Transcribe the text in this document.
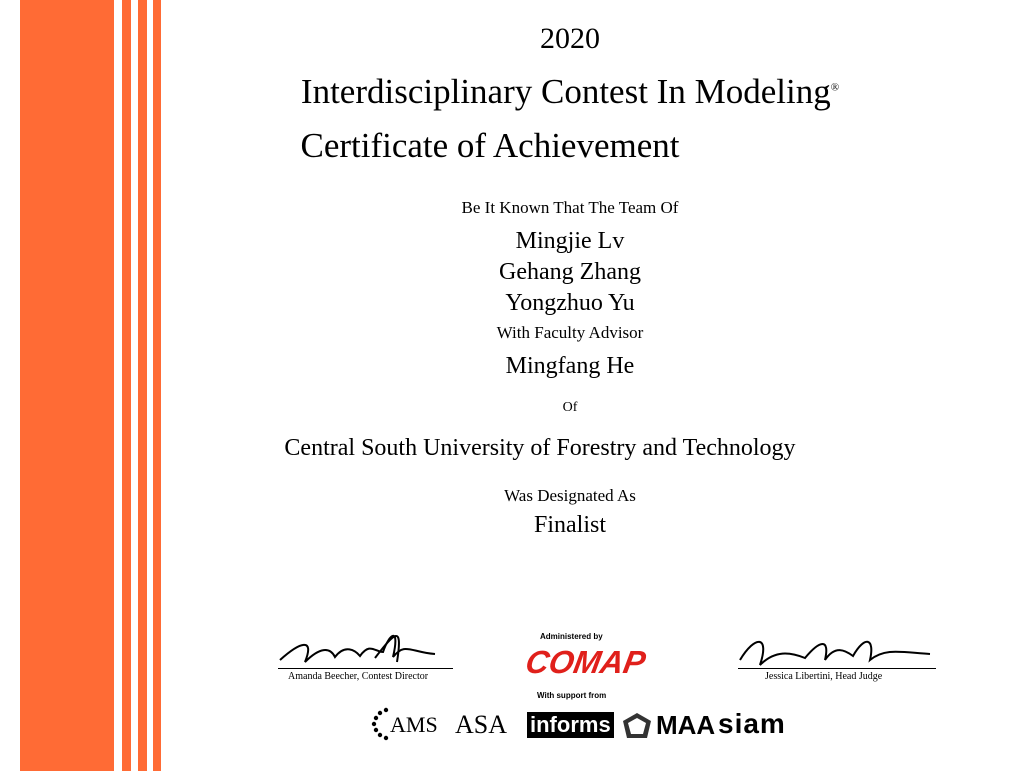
2020
Interdisciplinary Contest In Modeling®
Certificate of Achievement
Be It Known That The Team Of
Mingjie Lv
Gehang Zhang
Yongzhuo Yu
With Faculty Advisor
Mingfang He
Of
Central South University of Forestry and Technology
Was Designated As
Finalist
Amanda Beecher, Contest Director	Jessica Libertini, Head Judge
Administered by
COMAP
With support from
AMS ASA informs MAA siam
